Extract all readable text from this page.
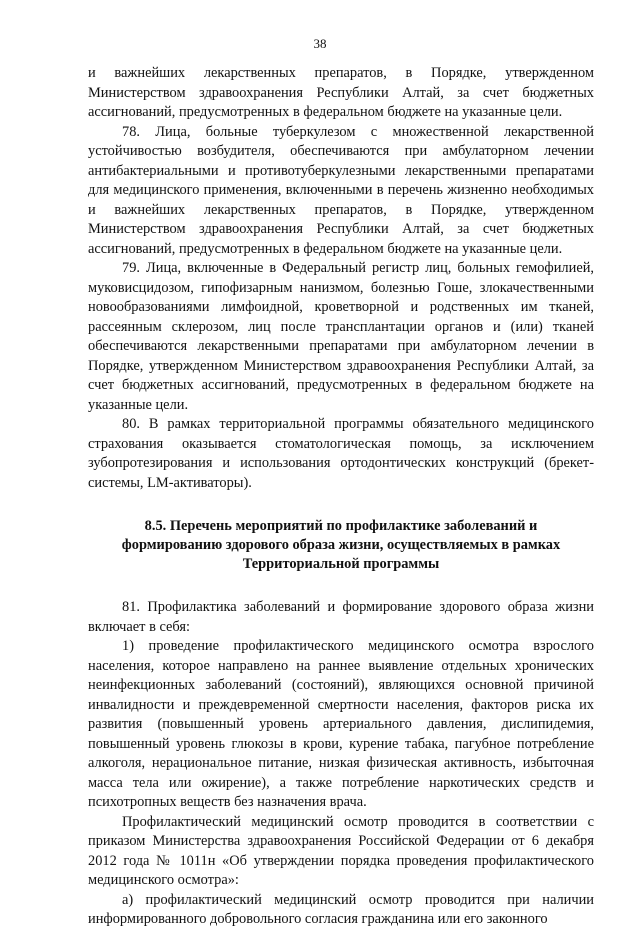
38

и важнейших лекарственных препаратов, в Порядке, утвержденном Министерством здравоохранения Республики Алтай, за счет бюджетных ассигнований, предусмотренных в федеральном бюджете на указанные цели.

78. Лица, больные туберкулезом с множественной лекарственной устойчивостью возбудителя, обеспечиваются при амбулаторном лечении антибактериальными и противотуберкулезными лекарственными препаратами для медицинского применения, включенными в перечень жизненно необходимых и важнейших лекарственных препаратов, в Порядке, утвержденном Министерством здравоохранения Республики Алтай, за счет бюджетных ассигнований, предусмотренных в федеральном бюджете на указанные цели.

79. Лица, включенные в Федеральный регистр лиц, больных гемофилией, муковисцидозом, гипофизарным нанизмом, болезнью Гоше, злокачественными новообразованиями лимфоидной, кроветворной и родственных им тканей, рассеянным склерозом, лиц после трансплантации органов и (или) тканей обеспечиваются лекарственными препаратами при амбулаторном лечении в Порядке, утвержденном Министерством здравоохранения Республики Алтай, за счет бюджетных ассигнований, предусмотренных в федеральном бюджете на указанные цели.

80. В рамках территориальной программы обязательного медицинского страхования оказывается стоматологическая помощь, за исключением зубопротезирования и использования ортодонтических конструкций (брекет-системы, LM-активаторы).

8.5. Перечень мероприятий по профилактике заболеваний и формированию здорового образа жизни, осуществляемых в рамках Территориальной программы

81. Профилактика заболеваний и формирование здорового образа жизни включает в себя:

1) проведение профилактического медицинского осмотра взрослого населения, которое направлено на раннее выявление отдельных хронических неинфекционных заболеваний (состояний), являющихся основной причиной инвалидности и преждевременной смертности населения, факторов риска их развития (повышенный уровень артериального давления, дислипидемия, повышенный уровень глюкозы в крови, курение табака, пагубное потребление алкоголя, нерациональное питание, низкая физическая активность, избыточная масса тела или ожирение), а также потребление наркотических средств и психотропных веществ без назначения врача.

Профилактический медицинский осмотр проводится в соответствии с приказом Министерства здравоохранения Российской Федерации от 6 декабря 2012 года № 1011н «Об утверждении порядка проведения профилактического медицинского осмотра»:

а) профилактический медицинский осмотр проводится при наличии информированного добровольного согласия гражданина или его законного
